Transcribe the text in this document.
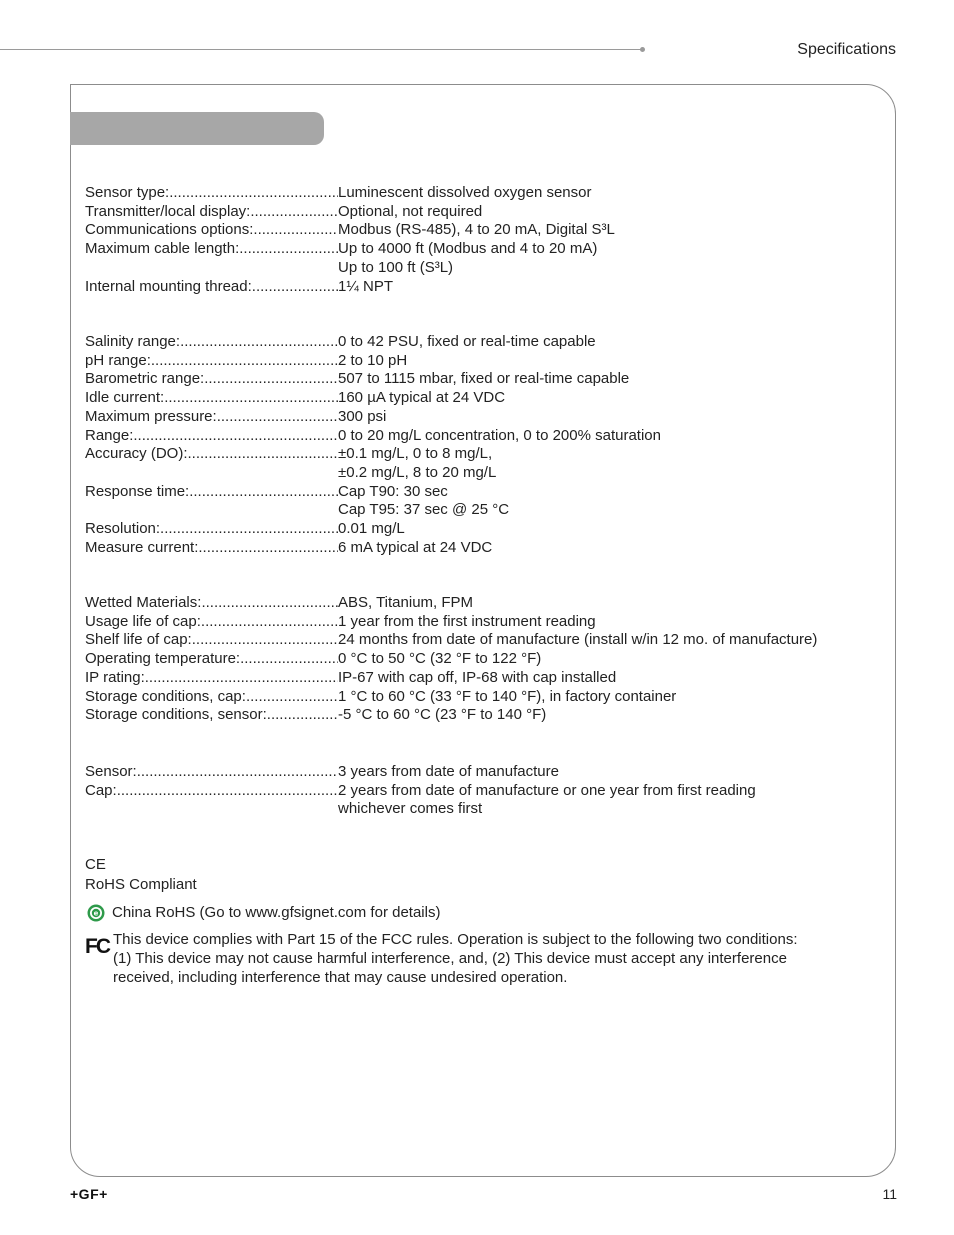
Specifications
Sensor type: .....	Luminescent dissolved oxygen sensor
Transmitter/local display: .....	Optional, not required
Communications options: .....	Modbus (RS-485), 4 to 20 mA, Digital S³L
Maximum cable length: .....	Up to 4000 ft (Modbus and 4 to 20 mA)
Up to 100 ft (S³L)
Internal mounting thread: .....	1¼ NPT
Salinity range: .....	0 to 42 PSU, fixed or real-time capable
pH range: .....	2 to 10 pH
Barometric range: .....	507 to 1115 mbar, fixed or real-time capable
Idle current: .....	160 µA typical at 24 VDC
Maximum pressure: .....	300 psi
Range: .....	0 to 20 mg/L concentration, 0 to 200% saturation
Accuracy (DO): .....	±0.1 mg/L, 0 to 8 mg/L,
±0.2 mg/L, 8 to 20 mg/L
Response time: .....	Cap T90: 30 sec
Cap T95: 37 sec @ 25 °C
Resolution: .....	0.01 mg/L
Measure current: .....	6 mA typical at 24 VDC
Wetted Materials: .....	ABS, Titanium, FPM
Usage life of cap: .....	1 year from the first instrument reading
Shelf life of cap: .....	24 months from date of manufacture (install w/in 12 mo. of manufacture)
Operating temperature: .....	0 °C to 50 °C (32 °F to 122 °F)
IP rating: .....	IP-67 with cap off, IP-68 with cap installed
Storage conditions, cap: .....	1 °C to 60 °C (33 °F to 140 °F), in factory container
Storage conditions, sensor: .....	-5 °C to 60 °C (23 °F to 140 °F)
Sensor: .....	3 years from date of manufacture
Cap: .....	2 years from date of manufacture or one year from first reading
whichever comes first
CE
RoHS Compliant
e China RoHS (Go to www.gfsignet.com for details)
FC This device complies with Part 15 of the FCC rules. Operation is subject to the following two conditions:
(1) This device may not cause harmful interference, and, (2) This device must accept any interference
received, including interference that may cause undesired operation.
+GF+	11
